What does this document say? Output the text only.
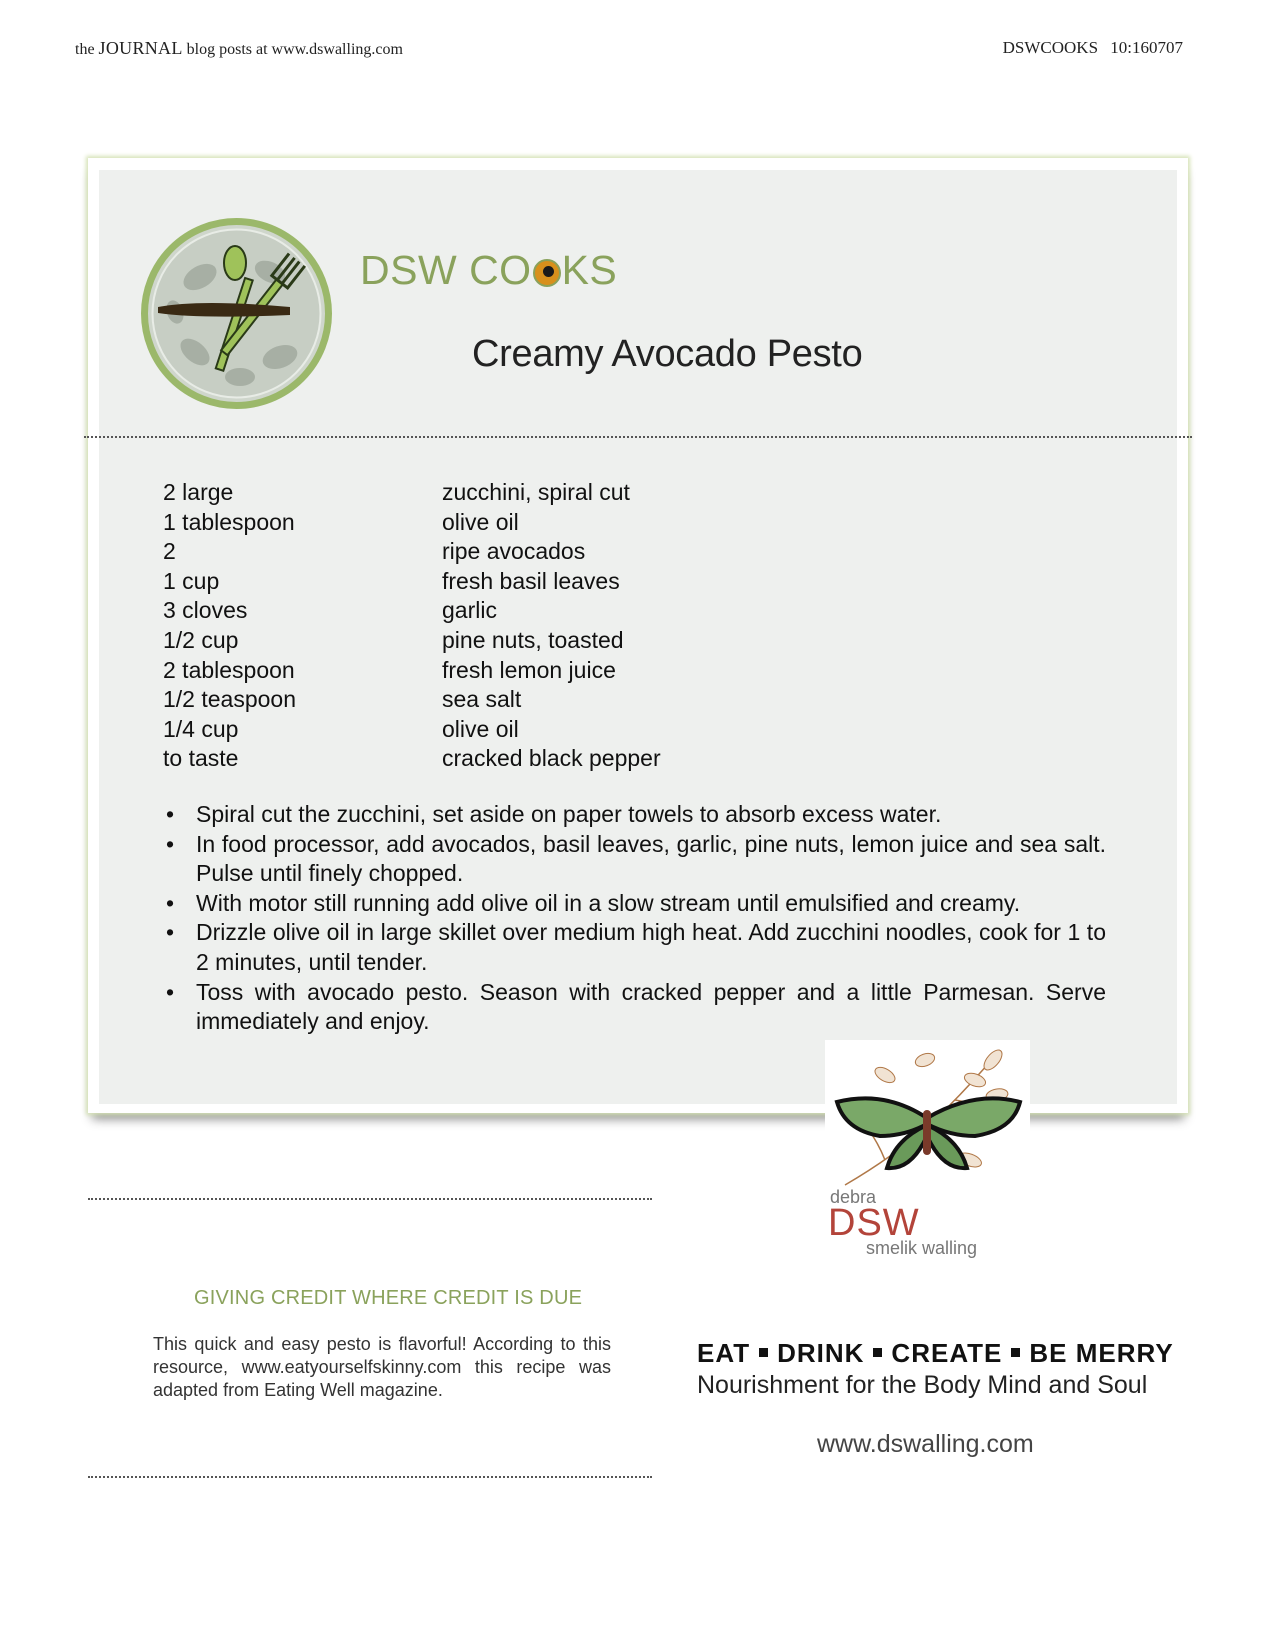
the JOURNAL blog posts at www.dswalling.com	DSWCOOKS 10:160707
DSW CO KS
Creamy Avocado Pesto
2 large	zucchini, spiral cut
1 tablespoon	olive oil
2	ripe avocados
1 cup	fresh basil leaves
3 cloves	garlic
1/2 cup	pine nuts, toasted
2 tablespoon	fresh lemon juice
1/2 teaspoon	sea salt
1/4 cup	olive oil
to taste	cracked black pepper
• Spiral cut the zucchini, set aside on paper towels to absorb excess water.
• In food processor, add avocados, basil leaves, garlic, pine nuts, lemon juice and sea salt. Pulse until finely chopped.
• With motor still running add olive oil in a slow stream until emulsified and creamy.
• Drizzle olive oil in large skillet over medium high heat. Add zucchini noodles, cook for 1 to 2 minutes, until tender.
• Toss with avocado pesto. Season with cracked pepper and a little Parmesan. Serve immediately and enjoy.
debra
DSW
smelik walling
GIVING CREDIT WHERE CREDIT IS DUE
This quick and easy pesto is flavorful! According to this resource, www.eatyourselfskinny.com this recipe was adapted from Eating Well magazine.
EAT DRINK CREATE BE MERRY
Nourishment for the Body Mind and Soul
www.dswalling.com
